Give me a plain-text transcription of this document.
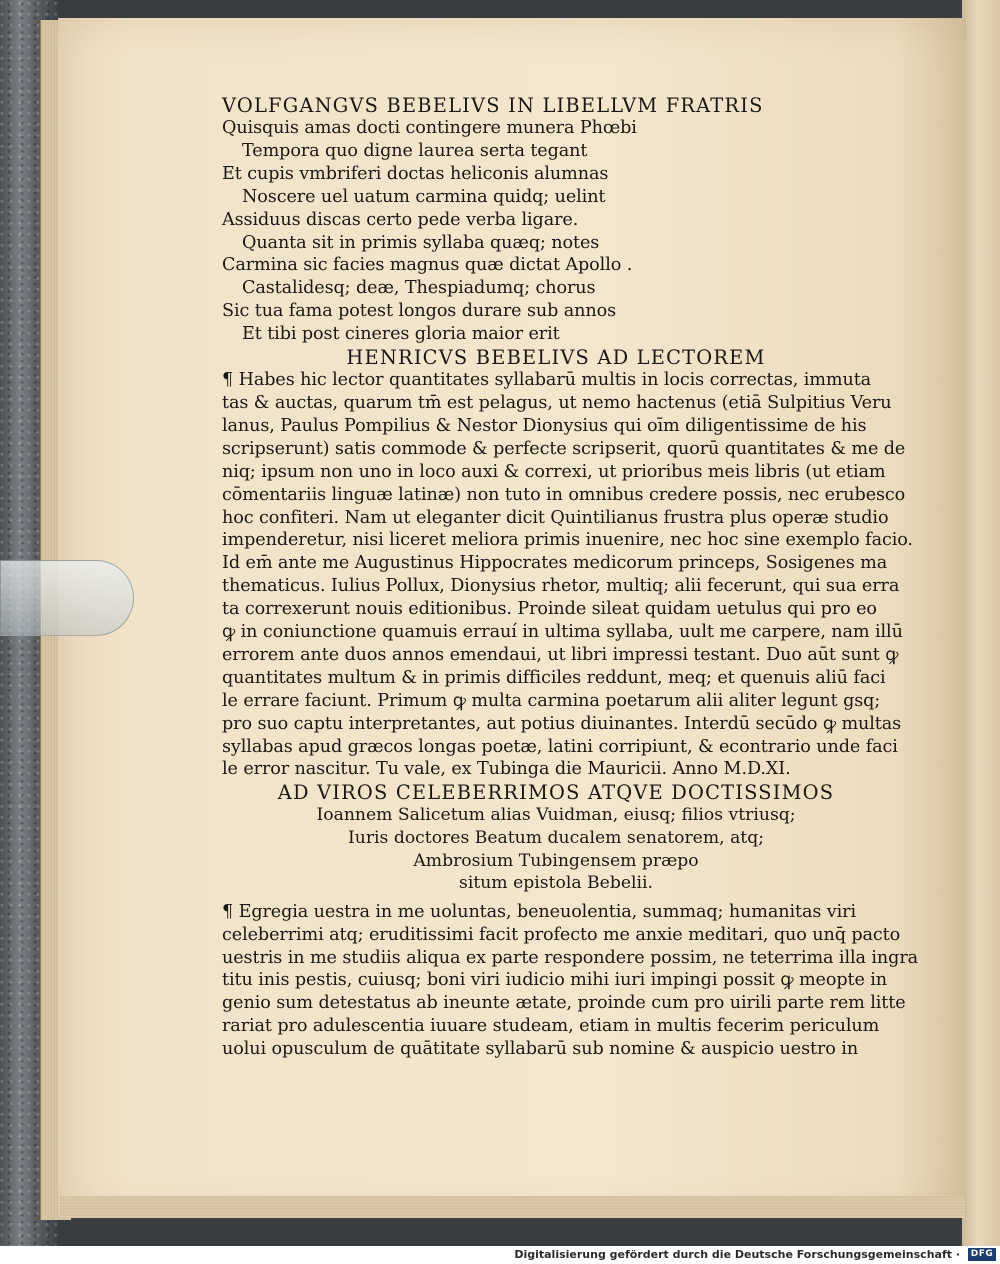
VOLFGANGVS BEBELIVS IN LIBELLVM FRATRIS
Quisquis amas docti contingere munera Phœbi
Tempora quo digne laurea serta tegant
Et cupis vmbriferi doctas heliconis alumnas
Noscere uel uatum carmina quidq; uelint
Assiduus discas certo pede verba ligare.
Quanta sit in primis syllaba quæq; notes
Carmina sic facies magnus quæ dictat Apollo .
Castalidesq; deæ, Thespiadumq; chorus
Sic tua fama potest longos durare sub annos
Et tibi post cineres gloria maior erit
HENRICVS BEBELIVS AD LECTOREM
¶ Habes hic lector quantitates syllabarū multis in locis correctas, immuta
tas & auctas, quarum tm̄ est pelagus, ut nemo hactenus (etiā Sulpitius Veru
lanus, Paulus Pompilius & Nestor Dionysius qui oīm diligentissime de his
scripserunt) satis commode & perfecte scripserit, quorū quantitates & me de
niq; ipsum non uno in loco auxi & correxi, ut prioribus meis libris (ut etiam
cōmentariis linguæ latinæ) non tuto in omnibus credere possis, nec erubesco
hoc confiteri. Nam ut eleganter dicit Quintilianus frustra plus operæ studio
impenderetur, nisi liceret meliora primis inuenire, nec hoc sine exemplo facio.
Id em̄ ante me Augustinus Hippocrates medicorum princeps, Sosigenes ma
thematicus. Iulius Pollux, Dionysius rhetor, multiq; alii fecerunt, qui sua erra
ta correxerunt nouis editionibus. Proinde sileat quidam uetulus qui pro eo
ꝙ in coniunctione quamuis errauí in ultima syllaba, uult me carpere, nam illū
errorem ante duos annos emendaui, ut libri impressi testant. Duo aūt sunt ꝙ
quantitates multum & in primis difficiles reddunt, meq; et quenuis aliū faci
le errare faciunt. Primum ꝙ multa carmina poetarum alii aliter legunt gsq;
pro suo captu interpretantes, aut potius diuinantes. Interdū secūdo ꝙ multas
syllabas apud græcos longas poetæ, latini corripiunt, & econtrario unde faci
le error nascitur. Tu vale, ex Tubinga die Mauricii. Anno M.D.XI.
AD VIROS CELEBERRIMOS ATQVE DOCTISSIMOS
Ioannem Salicetum alias Vuidman, eiusq; filios vtriusq;
Iuris doctores Beatum ducalem senatorem, atq;
Ambrosium Tubingensem præpo
situm epistola Bebelii.
¶ Egregia uestra in me uoluntas, beneuolentia, summaq; humanitas viri
celeberrimi atq; eruditissimi facit profecto me anxie meditari, quo unq̄ pacto
uestris in me studiis aliqua ex parte respondere possim, ne teterrima illa ingra
titu inis pestis, cuiusq; boni viri iudicio mihi iuri impingi possit ꝙ meopte in
genio sum detestatus ab ineunte ætate, proinde cum pro uirili parte rem litte
rariat pro adulescentia iuuare studeam, etiam in multis fecerim periculum
uolui opusculum de quātitate syllabarū sub nomine & auspicio uestro in
Digitalisierung gefördert durch die Deutsche Forschungsgemeinschaft ·	DFG
